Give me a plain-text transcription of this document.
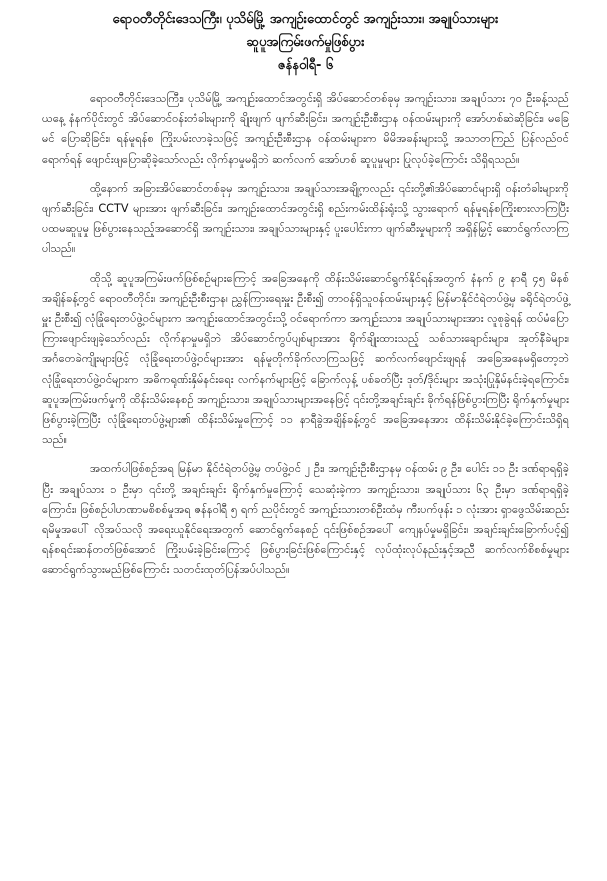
ရောဝတီတိုင်းဒေသကြီး၊ ပုသိမ်မြို့ အကျဉ်းထောင်တွင် အကျဉ်းသား၊ အချုပ်သားများ
ဆူပူအကြမ်းဖက်မှုဖြစ်ပွား
ဇန်နဝါရီ- ၆

ရောဝတီတိုင်းဒေသကြီး၊ ပုသိမ်မြို့ အကျဉ်းထောင်အတွင်းရှိ အိပ်ဆောင်တစ်ခုမှ အကျဉ်းသား၊ အချုပ်သား ၇၀ ဦးခန့်သည် ယနေ့ နံနက်ပိုင်းတွင် အိပ်ဆောင်ဝန်းတံခါးများကို ချိုးဖျက် ဖျက်ဆီးခြင်း၊ အကျဉ်းဦးစီးဌာန ဝန်ထမ်းများကို အော်ဟစ်ဆဲဆိုခြင်း၊ မခြေမင် ပြောဆိုခြင်း၊ ရန်မူရန်စ ကြိုးပမ်းလာခဲ့သဖြင့် အကျဉ်းဦးစီးဌာန ဝန်ထမ်းများက မိမိအခန်းများသို့ အသာတကြည် ပြန်လည်ဝင်ရောက်ရန် ဖျောင်းဖျပြောဆိုခဲ့သော်လည်း လိုက်နာမှုမရှိဘဲ ဆက်လက် အော်ဟစ် ဆူပူမှုများ ပြုလုပ်ခဲ့ကြောင်း သိရှိရသည်။

ထို့နောက် အခြားအိပ်ဆောင်တစ်ခုမှ အကျဉ်းသား၊ အချုပ်သားအချို့ကလည်း ၎င်းတို့၏အိပ်ဆောင်များရှိ ဝန်းတံခါးများကို ဖျက်ဆီးခြင်း၊ CCTV များအား ဖျက်ဆီးခြင်း၊ အကျဉ်းထောင်အတွင်းရှိ စည်းကမ်းထိန်းရုံးသို့ သွားရောက် ရန်မူရန်စကြိုးစားလာကြပြီး ပထမဆူပူမှု ဖြစ်ပွားနေသည့်အဆောင်ရှိ အကျဉ်းသား၊ အချုပ်သားများနှင့် ပူးပေါင်းကာ ဖျက်ဆီးမှုများကို အရှိန်မြှင့် ဆောင်ရွက်လာကြပါသည်။

ထိုသို့ ဆူပူအကြမ်းဖက်ဖြစ်စဉ်များကြောင့် အခြေအနေကို ထိန်းသိမ်းဆောင်ရွက်နိုင်ရန်အတွက် နံနက် ၉ နာရီ ၄၅ မိနစ်အချိန်ခန့်တွင် ရောဝတီတိုင်း၊ အကျဉ်းဦးစီးဌာန၊ ညွှန်ကြားရေးမှူး ဦးစီး၍ တာဝန်ရှိသူဝန်ထမ်းများနှင့် မြန်မာနိုင်ငံရဲတပ်ဖွဲ့မှ ခရိုင်ရဲတပ်ဖွဲ့မှူး ဦးစီး၍ လုံခြုံရေးတပ်ဖွဲ့ဝင်များက အကျဉ်းထောင်အတွင်းသို့ ဝင်ရောက်ကာ အကျဉ်းသား၊ အချုပ်သားများအား လူစုခွဲရန် ထပ်မံပြောကြားဖျောင်းဖျခဲ့သော်လည်း လိုက်နာမှုမရှိဘဲ အိပ်ဆောင်ကွပ်ပျစ်များအား ရိုက်ချိုးထားသည့် သစ်သားချောင်းများ၊ အုတ်နီခဲများ၊ အင်္ဂတေခဲကျိုးများဖြင့် လုံခြုံရေးတပ်ဖွဲ့ဝင်များအား ရန်မူတိုက်ခိုက်လာကြသဖြင့် ဆက်လက်ဖျောင်းဖျရန် အခြေအနေမရှိတော့ဘဲ လုံခြုံရေးတပ်ဖွဲ့ဝင်များက အဓိကရုဏ်းနှိမ်နင်းရေး လက်နက်များဖြင့် ခြောက်လှန့် ပစ်ခတ်ပြီး ဒုတ်/ဒိုင်းများ အသုံးပြုနှိမ်နင်းခဲ့ရကြောင်း၊ ဆူပူအကြမ်းဖက်မှုကို ထိန်းသိမ်းနေစဉ် အကျဉ်းသား၊ အချုပ်သားများအနေဖြင့် ၎င်းတို့အချင်းချင်း ခိုက်ရန်ဖြစ်ပွားကြပြီး ရိုက်နှက်မှုများ ဖြစ်ပွားခဲ့ကြပြီး လုံခြုံရေးတပ်ဖွဲ့များ၏ ထိန်းသိမ်းမှုကြောင့် ၁၁ နာရီခွဲအချိန်ခန့်တွင် အခြေအနေအား ထိန်းသိမ်းနိုင်ခဲ့ကြောင်းသိရှိရသည်။

အထက်ပါဖြစ်စဉ်အရ မြန်မာ နိုင်ငံရဲတပ်ဖွဲ့မှ တပ်ဖွဲ့ဝင် ၂ ဦး၊ အကျဉ်းဦးစီးဌာနမှ ဝန်ထမ်း ၉ ဦး၊ ပေါင်း ၁၁ ဦး ဒဏ်ရာရရှိခဲ့ပြီး အချုပ်သား ၁ ဦးမှာ ၎င်းတို့ အချင်းချင်း ရိုက်နှက်မှုကြောင့် သေဆုံးခဲ့ကာ အကျဉ်းသား၊ အချုပ်သား ၆၃ ဦးမှာ ဒဏ်ရာရရှိခဲ့ကြောင်း၊ ဖြစ်စဉ်ပါဟဏာမစိစစ်မှုအရ ဇန်နဝါရီ ၅ ရက် ညပိုင်းတွင် အကျဉ်းသားတစ်ဦးထံမှ ကီးပက်ဖုန်း ၁ လုံးအား ရှာဖွေသိမ်းဆည်းရမိမှုအပေါ် လိုအပ်သလို အရေးယူနိုင်ရေးအတွက် ဆောင်ရွက်နေစဉ် ၎င်းဖြစ်စဉ်အပေါ် ကျေနပ်မှုမရှိခြင်း၊ အချင်းချင်းခြောက်ပင့်၍ ရန်စရင်းဆန်တတ်ဖြစ်အောင် ကြိုးပမ်းခဲ့ခြင်းကြောင့် ဖြစ်ပွားခြင်းဖြစ်ကြောင်းနှင့် လုပ်ထုံးလုပ်နည်းနှင့်အညီ ဆက်လက်စိစစ်မှုများ ဆောင်ရွက်သွားမည်ဖြစ်ကြောင်း သတင်းထုတ်ပြန်အပ်ပါသည်။
